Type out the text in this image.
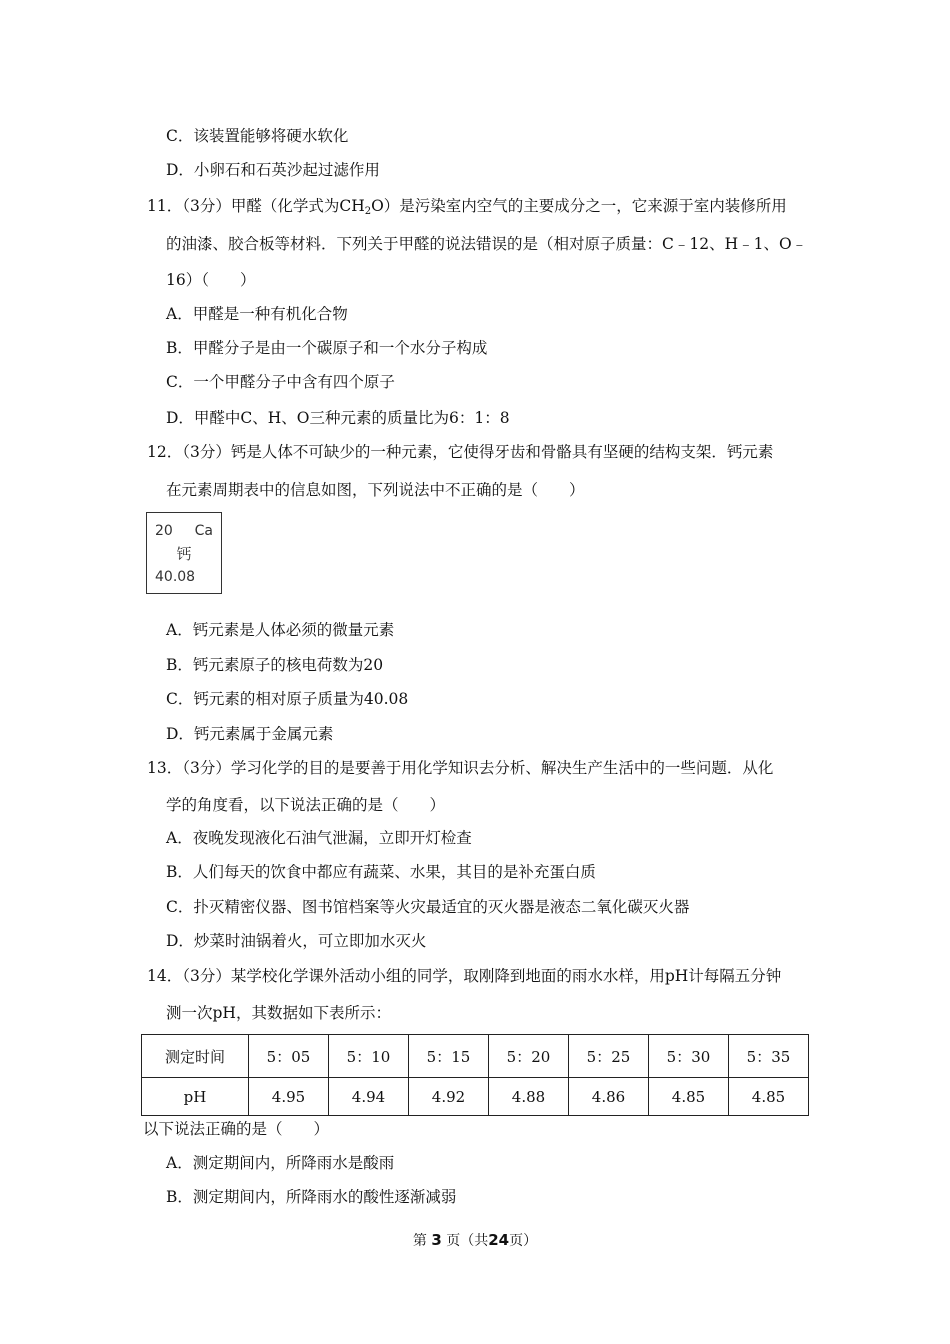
C．该装置能够将硬水软化
D．小卵石和石英沙起过滤作用
11．（3分）甲醛（化学式为$CH_2O$）是污染室内空气的主要成分之一，它来源于室内装修所用
的油漆、胶合板等材料．下列关于甲醛的说法错误的是（相对原子质量：C﹣12、H﹣1、O﹣
16）（　　）
A．甲醛是一种有机化合物
B．甲醛分子是由一个碳原子和一个水分子构成
C．一个甲醛分子中含有四个原子
D．甲醛中C、H、O三种元素的质量比为6：1：8
12．（3分）钙是人体不可缺少的一种元素，它使得牙齿和骨骼具有坚硬的结构支架．钙元素
在元素周期表中的信息如图，下列说法中不正确的是（　　）
20 Ca
钙
40.08
A．钙元素是人体必须的微量元素
B．钙元素原子的核电荷数为20
C．钙元素的相对原子质量为40.08
D．钙元素属于金属元素
13．（3分）学习化学的目的是要善于用化学知识去分析、解决生产生活中的一些问题．从化
学的角度看，以下说法正确的是（　　）
A．夜晚发现液化石油气泄漏，立即开灯检查
B．人们每天的饮食中都应有蔬菜、水果，其目的是补充蛋白质
C．扑灭精密仪器、图书馆档案等火灾最适宜的灭火器是液态二氧化碳灭火器
D．炒菜时油锅着火，可立即加水灭火
14．（3分）某学校化学课外活动小组的同学，取刚降到地面的雨水水样，用pH计每隔五分钟
测一次pH，其数据如下表所示：
测定时间	5：05	5：10	5：15	5：20	5：25	5：30	5：35
pH	4.95	4.94	4.92	4.88	4.86	4.85	4.85
以下说法正确的是（　　）
A．测定期间内，所降雨水是酸雨
B．测定期间内，所降雨水的酸性逐渐减弱
第 3 页（共24页）
